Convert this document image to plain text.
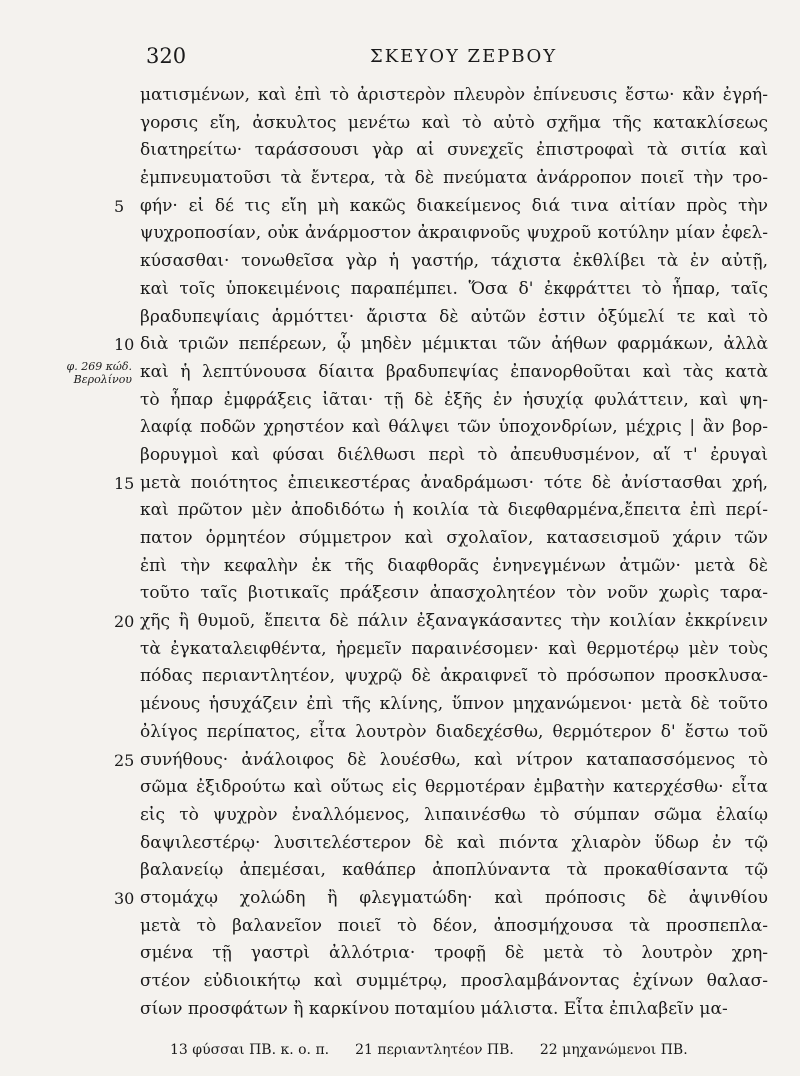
320	ΣΚΕΥΟΥ ΖΕΡΒΟΥ
φ. 269 κώδ. Βερολίνου
ματισμένων, καὶ ἐπὶ τὸ ἀριστερὸν πλευρὸν ἐπίνευσις ἔστω· κἂν ἐγρή-
γορσις εἴη, ἀσκυλτος μενέτω καὶ τὸ αὐτὸ σχῆμα τῆς κατακλίσεως
διατηρείτω· ταράσσουσι γὰρ αἱ συνεχεῖς ἐπιστροφαὶ τὰ σιτία καὶ
ἐμπνευματοῦσι τὰ ἔντερα, τὰ δὲ πνεύματα ἀνάρροπον ποιεῖ τὴν τρο-
φήν· εἰ δέ τις εἴη μὴ κακῶς διακείμενος διά τινα αἰτίαν πρὸς τὴν
5
ψυχροποσίαν, οὐκ ἀνάρμοστον ἀκραιφνοῦς ψυχροῦ κοτύλην μίαν ἐφελ-
κύσασθαι· τονωθεῖσα γὰρ ἡ γαστήρ, τάχιστα ἐκθλίβει τὰ ἐν αὐτῇ,
καὶ τοῖς ὑποκειμένοις παραπέμπει. Ὅσα δ' ἐκφράττει τὸ ἧπαρ, ταῖς
βραδυπεψίαις ἁρμόττει· ἄριστα δὲ αὐτῶν ἐστιν ὀξύμελί τε καὶ τὸ
διὰ τριῶν πεπέρεων, ᾧ μηδὲν μέμικται τῶν ἀήθων φαρμάκων, ἀλλὰ
10
καὶ ἡ λεπτύνουσα δίαιτα βραδυπεψίας ἐπανορθοῦται καὶ τὰς κατὰ
τὸ ἧπαρ ἐμφράξεις ἰᾶται· τῇ δὲ ἑξῆς ἐν ἡσυχίᾳ φυλάττειν, καὶ ψη-
λαφίᾳ ποδῶν χρηστέον καὶ θάλψει τῶν ὑποχονδρίων, μέχρις | ἂν βορ-
βορυγμοὶ καὶ φύσαι διέλθωσι περὶ τὸ ἀπευθυσμένον, αἵ τ' ἐρυγαὶ
μετὰ ποιότητος ἐπιεικεστέρας ἀναδράμωσι· τότε δὲ ἀνίστασθαι χρή,
15
καὶ πρῶτον μὲν ἀποδιδότω ἡ κοιλία τὰ διεφθαρμένα,ἔπειτα ἐπὶ περί-
πατον ὁρμητέον σύμμετρον καὶ σχολαῖον, κατασεισμοῦ χάριν τῶν
ἐπὶ τὴν κεφαλὴν ἐκ τῆς διαφθορᾶς ἐνηνεγμένων ἀτμῶν· μετὰ δὲ
τοῦτο ταῖς βιοτικαῖς πράξεσιν ἀπασχολητέον τὸν νοῦν χωρὶς ταρα-
χῆς ἢ θυμοῦ, ἔπειτα δὲ πάλιν ἐξαναγκάσαντες τὴν κοιλίαν ἐκκρίνειν
20
τὰ ἐγκαταλειφθέντα, ἠρεμεῖν παραινέσομεν· καὶ θερμοτέρῳ μὲν τοὺς
πόδας περιαντλητέον, ψυχρῷ δὲ ἀκραιφνεῖ τὸ πρόσωπον προσκλυσα-
μένους ἡσυχάζειν ἐπὶ τῆς κλίνης, ὕπνον μηχανώμενοι· μετὰ δὲ τοῦτο
ὀλίγος περίπατος, εἶτα λουτρὸν διαδεχέσθω, θερμότερον δ' ἔστω τοῦ
συνήθους· ἀνάλοιφος δὲ λουέσθω, καὶ νίτρον καταπασσόμενος τὸ
25
σῶμα ἐξιδρούτω καὶ οὕτως εἰς θερμοτέραν ἐμβατὴν κατερχέσθω· εἶτα
εἰς τὸ ψυχρὸν ἐναλλόμενος, λιπαινέσθω τὸ σύμπαν σῶμα ἐλαίῳ
δαψιλεστέρῳ· λυσιτελέστερον δὲ καὶ πιόντα χλιαρὸν ὕδωρ ἐν τῷ
βαλανείῳ ἀπεμέσαι, καθάπερ ἀποπλύναντα τὰ προκαθίσαντα τῷ
στομάχῳ χολώδη ἢ φλεγματώδη· καὶ πρόποσις δὲ ἀψινθίου
30
μετὰ τὸ βαλανεῖον ποιεῖ τὸ δέον, ἀποσμήχουσα τὰ προσπεπλα-
σμένα τῇ γαστρὶ ἀλλότρια· τροφῇ δὲ μετὰ τὸ λουτρὸν χρη-
στέον εὐδιοικήτῳ καὶ συμμέτρῳ, προσλαμβάνοντας ἐχίνων θαλασ-
σίων προσφάτων ἢ καρκίνου ποταμίου μάλιστα. Εἶτα ἐπιλαβεῖν μα-
13 φύσσαι ΠΒ. κ. ο. π. 21 περιαντλητέον ΠΒ. 22 μηχανώμενοι ΠΒ.
